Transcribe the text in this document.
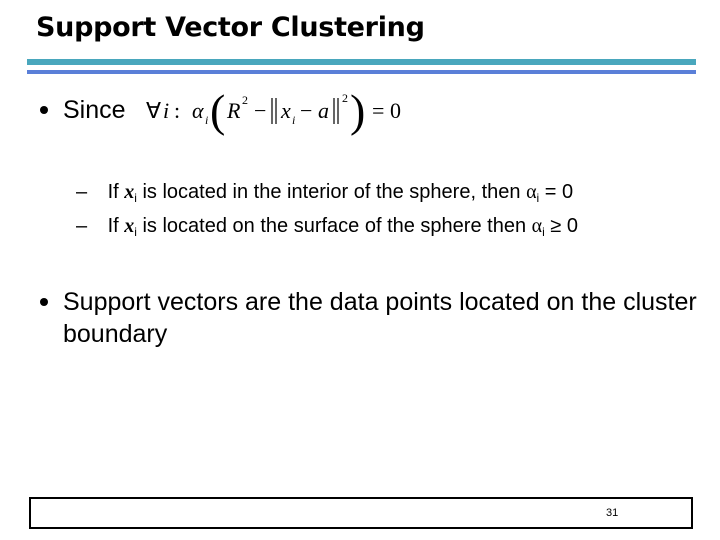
Support Vector Clustering
Since ∀ i : α i ( R 2 − x i − a 2 ) = 0
– If $x_i$ is located in the interior of the sphere, then $\alpha_i = 0$
– If $x_i$ is located on the surface of the sphere then $\alpha_i \ge 0$
Support vectors are the data points located on the cluster boundary
31
